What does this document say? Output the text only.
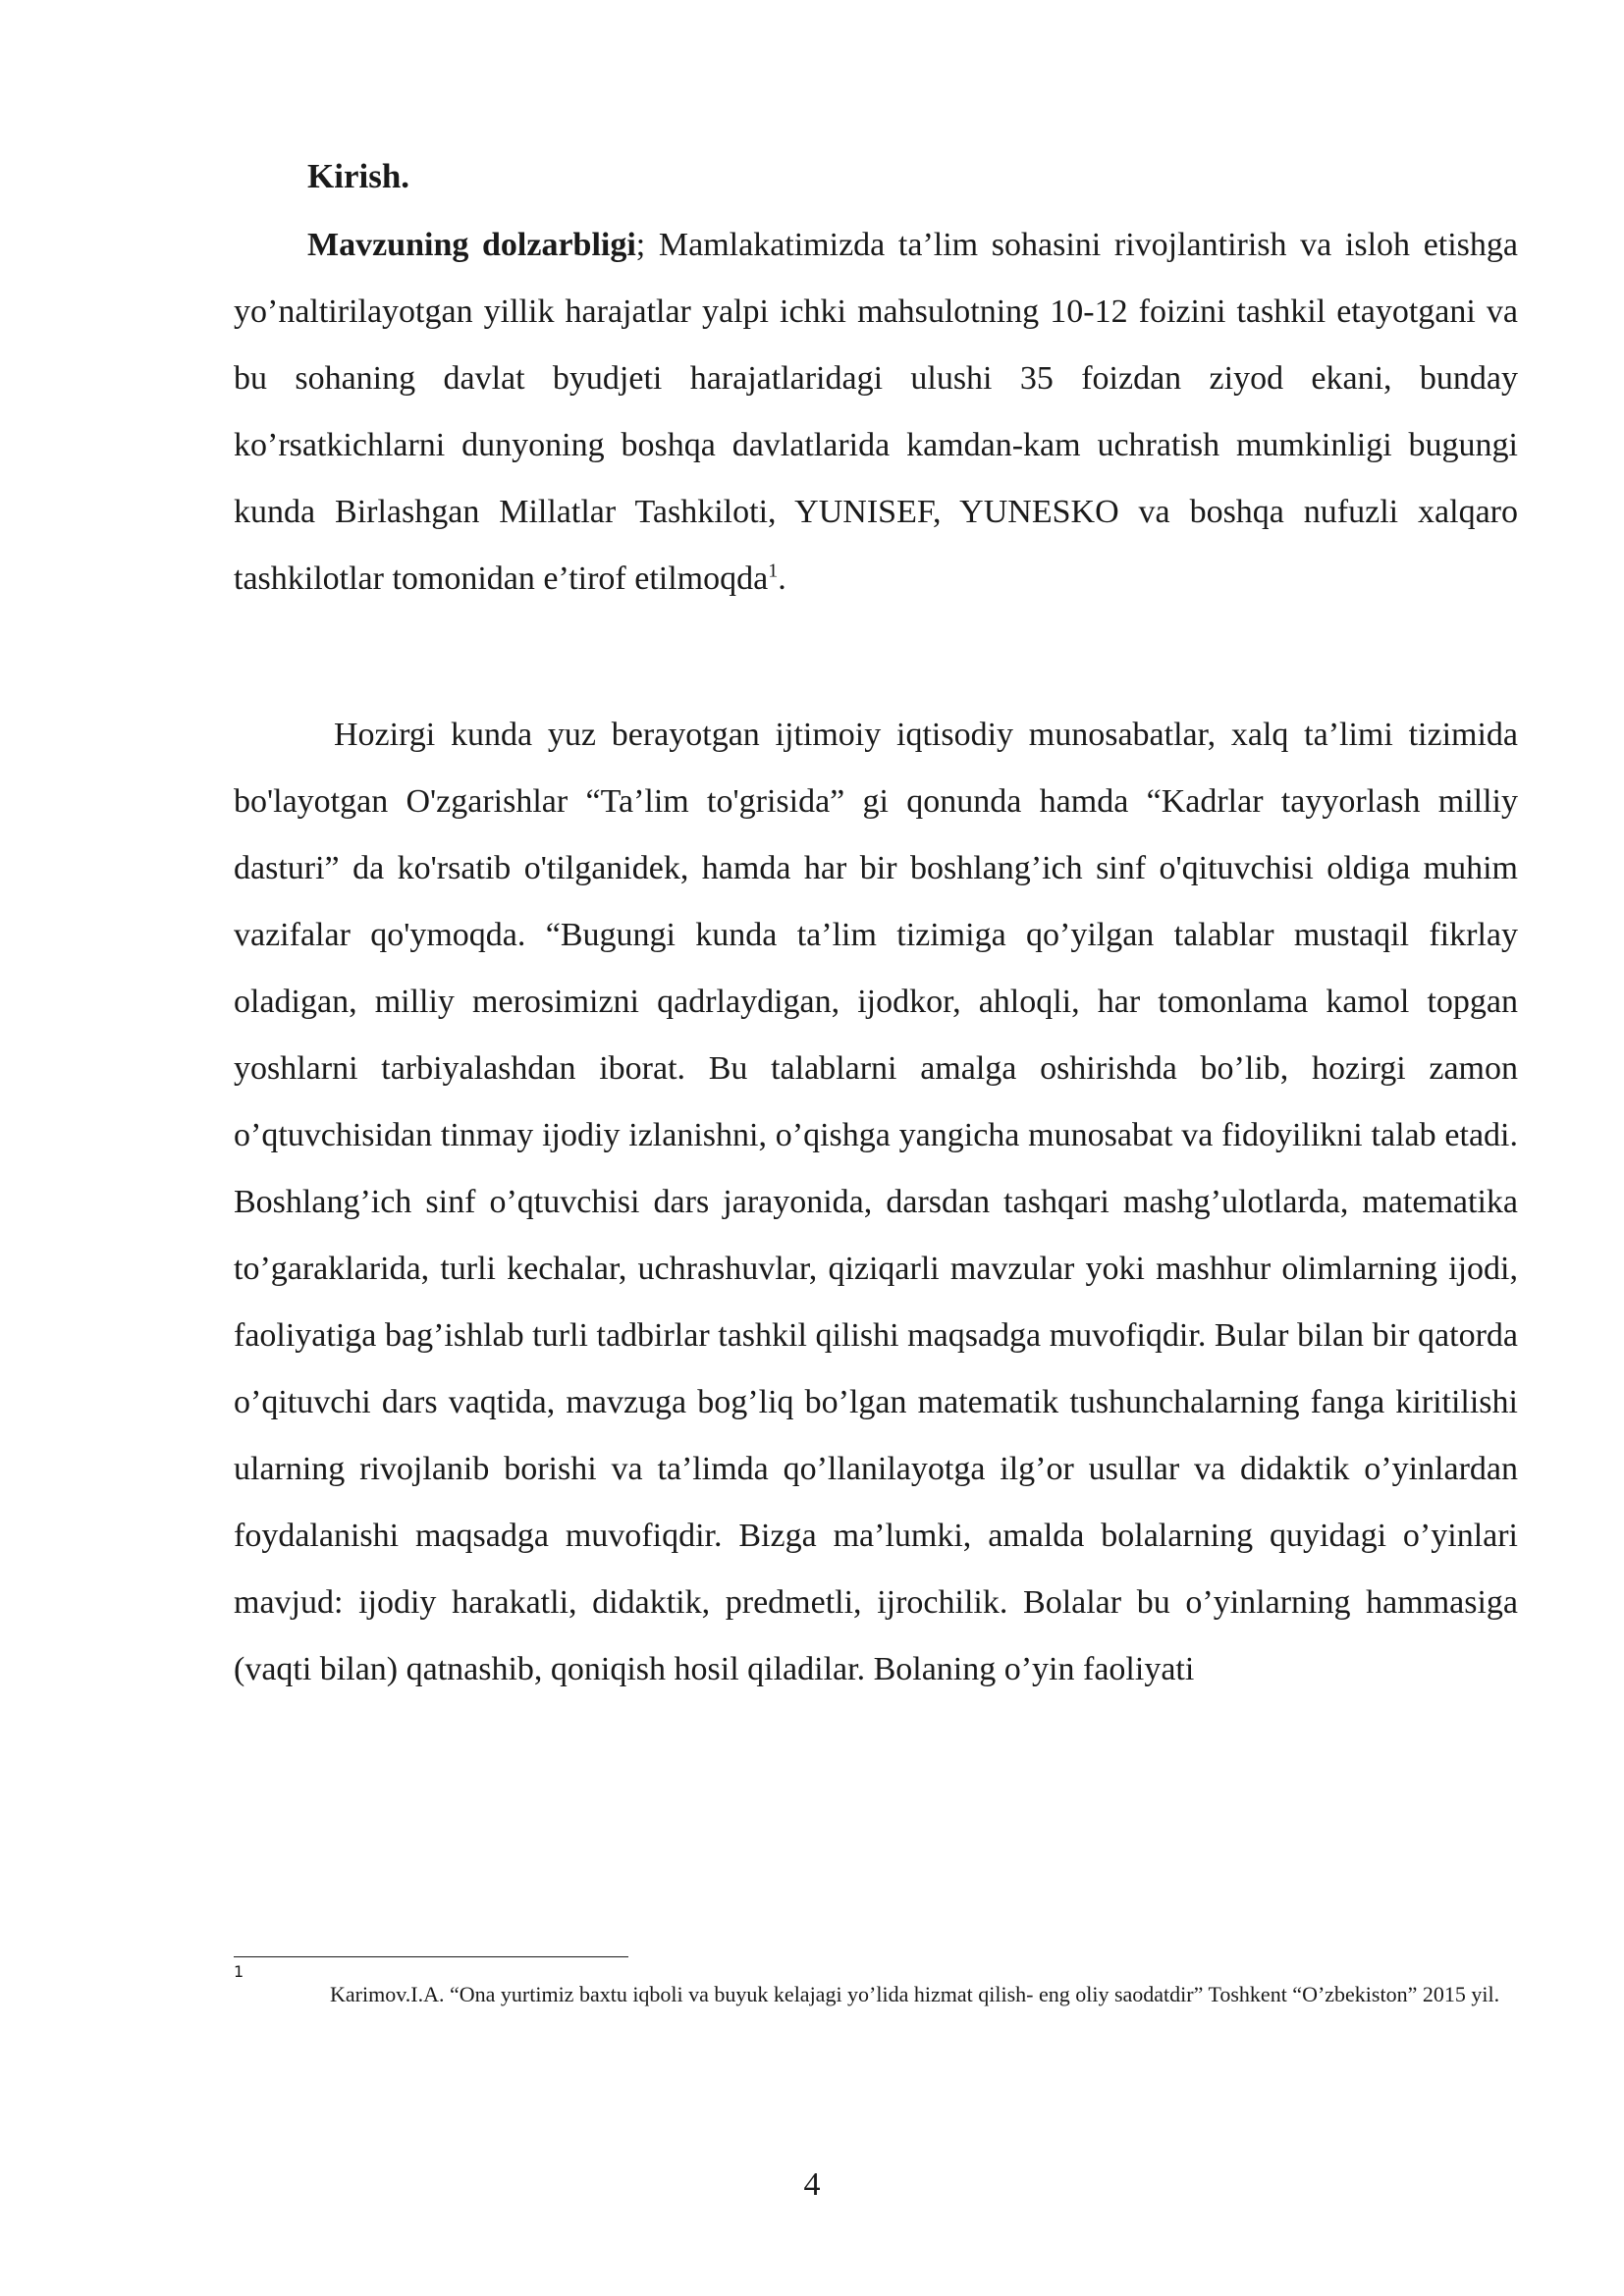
Kirish.

Mavzuning dolzarbligi; Mamlakatimizda ta’lim sohasini rivojlantirish va isloh etishga yo’naltirilayotgan yillik harajatlar yalpi ichki mahsulotning 10-12 foizini tashkil etayotgani va bu sohaning davlat byudjeti harajatlaridagi ulushi 35 foizdan ziyod ekani, bunday ko’rsatkichlarni dunyoning boshqa davlatlarida kamdan-kam uchratish mumkinligi bugungi kunda Birlashgan Millatlar Tashkiloti, YUNISEF, YUNESKO va boshqa nufuzli xalqaro tashkilotlar tomonidan e’tirof etilmoqda$^1$.

Hozirgi kunda yuz berayotgan ijtimoiy iqtisodiy munosabatlar, xalq ta’limi tizimida bo'layotgan O'zgarishlar “Ta’lim to'grisida” gi qonunda hamda “Kadrlar tayyorlash milliy dasturi” da ko'rsatib o'tilganidek, hamda har bir boshlang’ich sinf o'qituvchisi oldiga muhim vazifalar qo'ymoqda. “Bugungi kunda ta’lim tizimiga qo’yilgan talablar mustaqil fikrlay oladigan, milliy merosimizni qadrlaydigan, ijodkor, ahloqli, har tomonlama kamol topgan yoshlarni tarbiyalashdan iborat. Bu talablarni amalga oshirishda bo’lib, hozirgi zamon o’qtuvchisidan tinmay ijodiy izlanishni, o’qishga yangicha munosabat va fidoyilikni talab etadi. Boshlang’ich sinf o’qtuvchisi dars jarayonida, darsdan tashqari mashg’ulotlarda, matematika to’garaklarida, turli kechalar, uchrashuvlar, qiziqarli mavzular yoki mashhur olimlarning ijodi, faoliyatiga bag’ishlab turli tadbirlar tashkil qilishi maqsadga muvofiqdir. Bular bilan bir qatorda o’qituvchi dars vaqtida, mavzuga bog’liq bo’lgan matematik tushunchalarning fanga kiritilishi ularning rivojlanib borishi va ta’limda qo’llanilayotga ilg’or usullar va didaktik o’yinlardan foydalanishi maqsadga muvofiqdir. Bizga ma’lumki, amalda bolalarning quyidagi o’yinlari mavjud: ijodiy harakatli, didaktik, predmetli, ijrochilik. Bolalar bu o’yinlarning hammasiga (vaqti bilan) qatnashib, qoniqish hosil qiladilar. Bolaning o’yin faoliyati

1
Karimov.I.A. “Ona yurtimiz baxtu iqboli va buyuk kelajagi yo’lida hizmat qilish- eng oliy saodatdir” Toshkent “O’zbekiston” 2015 yil.
4
